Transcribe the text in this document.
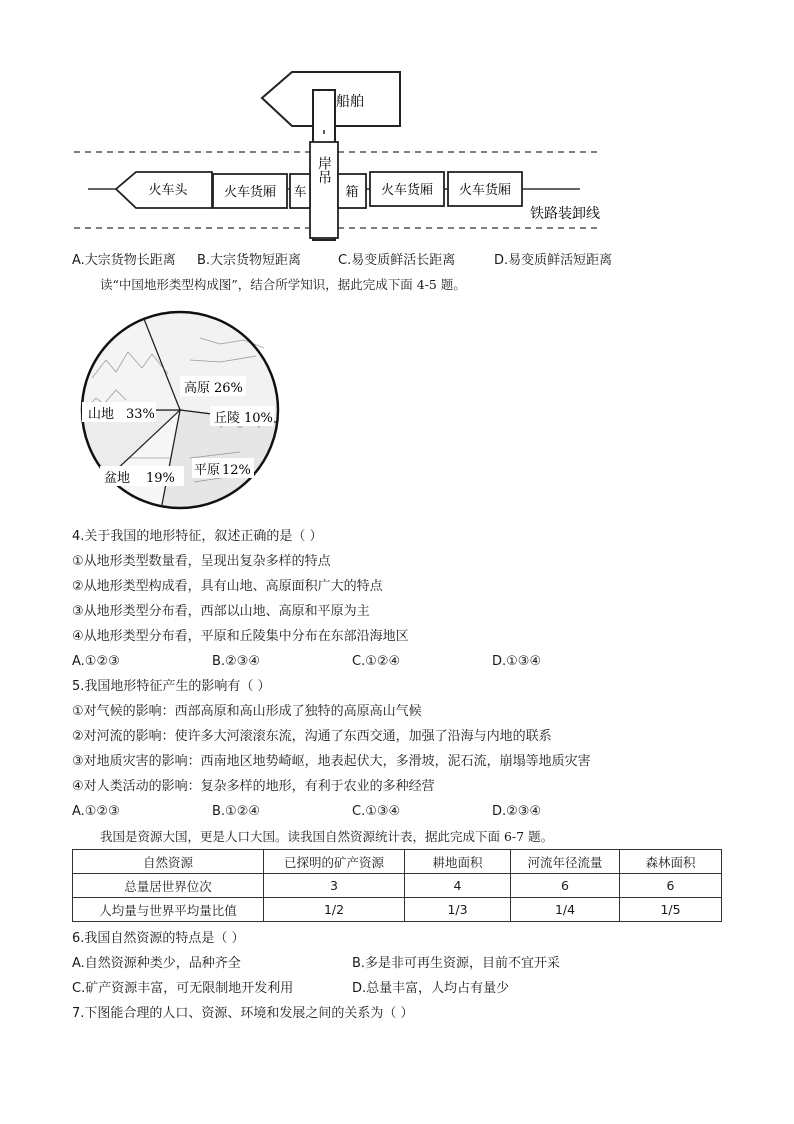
船舶
岸吊
火车头	火车货厢 车	箱 火车货厢 火车货厢
铁路装卸线
A.大宗货物长距离 B.大宗货物短距离	C.易变质鲜活长距离	D.易变质鲜活短距离
读“中国地形类型构成图”，结合所学知识，据此完成下面 4-5 题。
高原 26%
山地 33%	丘陵 10%
平原 12%
盆地 19%
4.关于我国的地形特征，叙述正确的是（ ）
①从地形类型数量看，呈现出复杂多样的特点
②从地形类型构成看，具有山地、高原面积广大的特点
③从地形类型分布看，西部以山地、高原和平原为主
④从地形类型分布看，平原和丘陵集中分布在东部沿海地区
A.①②③	B.②③④	C.①②④	D.①③④
5.我国地形特征产生的影响有（ ）
①对气候的影响：西部高原和高山形成了独特的高原高山气候
②对河流的影响：使许多大河滚滚东流，沟通了东西交通，加强了沿海与内地的联系
③对地质灾害的影响：西南地区地势崎岖，地表起伏大，多滑坡，泥石流，崩塌等地质灾害
④对人类活动的影响：复杂多样的地形，有利于农业的多种经营
A.①②③	B.①②④	C.①③④	D.②③④
我国是资源大国，更是人口大国。读我国自然资源统计表，据此完成下面 6-7 题。
自然资源	已探明的矿产资源	耕地面积	河流年径流量	森林面积
总量居世界位次	3	4	6	6
人均量与世界平均量比值	1/2	1/3	1/4	1/5
6.我国自然资源的特点是（ ）
A.自然资源种类少，品种齐全	B.多是非可再生资源，目前不宜开采
C.矿产资源丰富，可无限制地开发利用	D.总量丰富，人均占有量少
7.下图能合理的人口、资源、环境和发展之间的关系为（ ）
